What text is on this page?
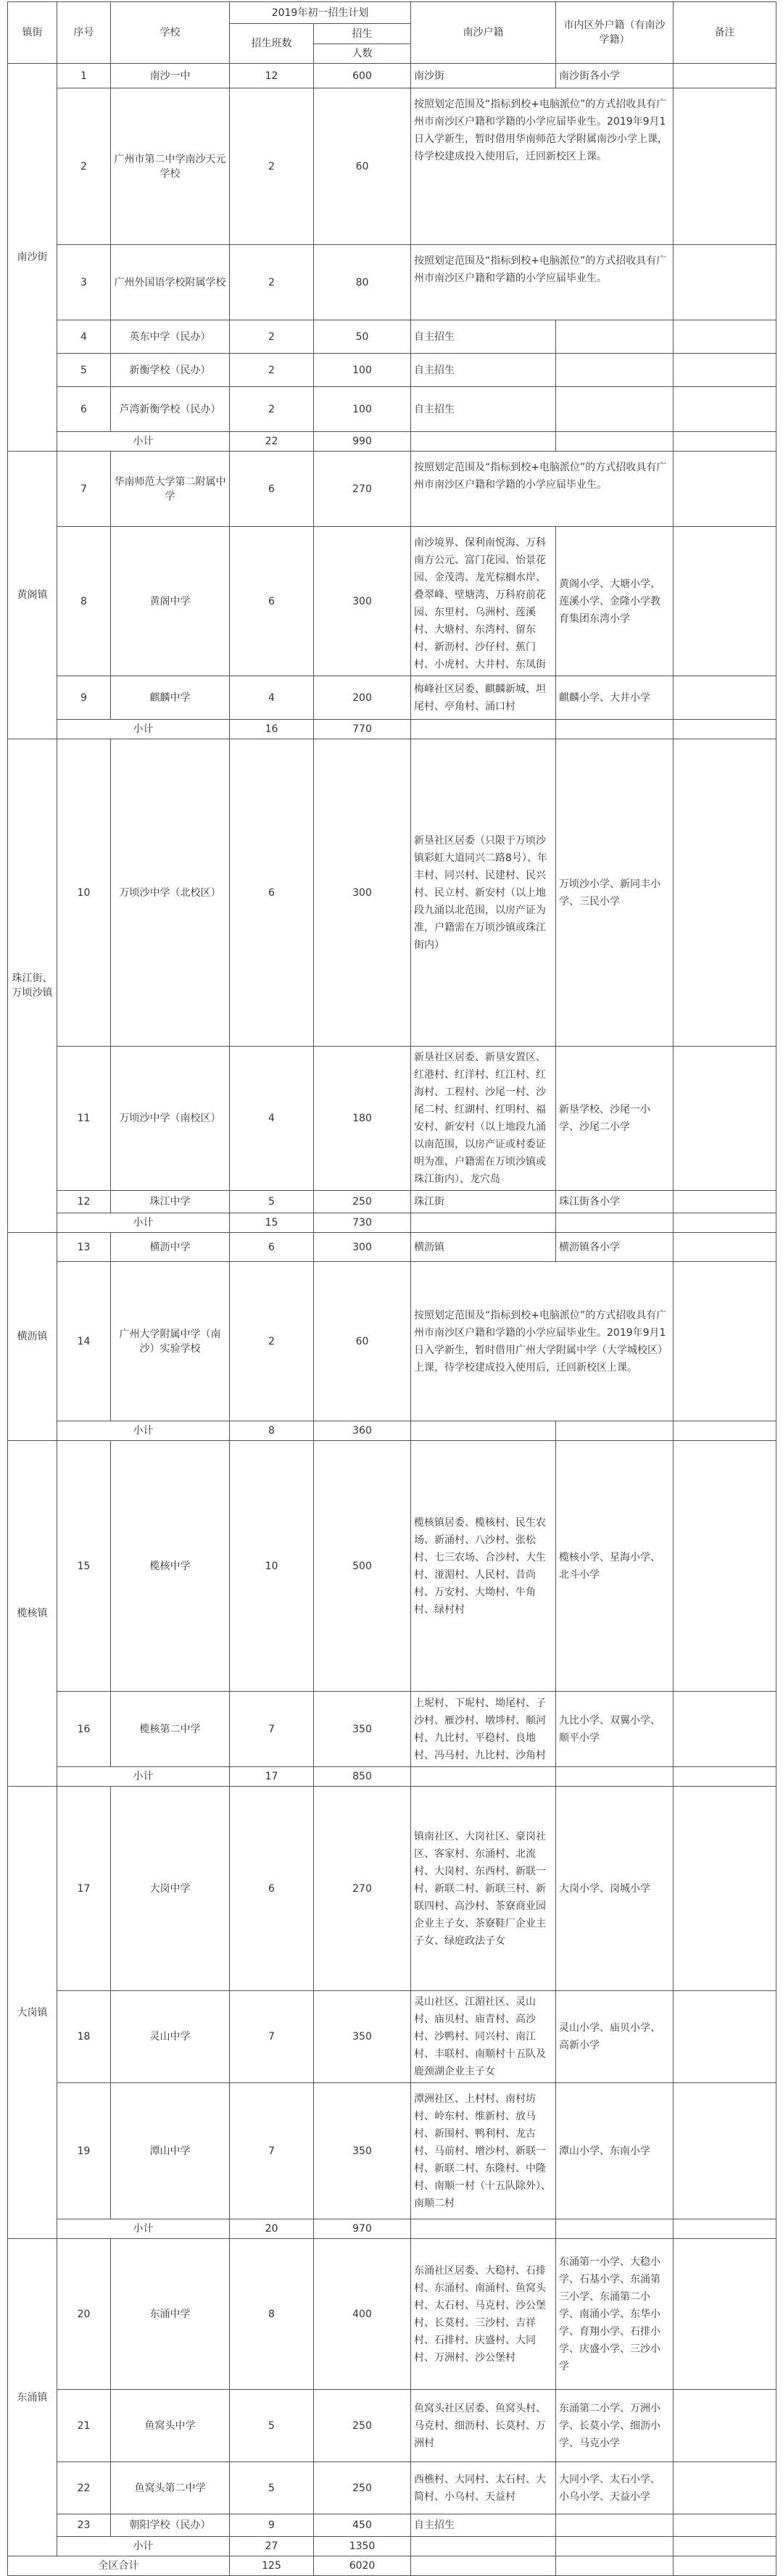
镇街	序号	学校	2019年初一招生计划		南沙户籍	市内区外户籍（有南沙学籍）	备注
			招生班数	招生			
				人数			
南沙街	1	南沙一中	12	600	南沙街	南沙街各小学	
	2	广州市第二中学南沙天元学校	2	60	按照划定范围及“指标到校+电脑派位”的方式招收具有广州市南沙区户籍和学籍的小学应届毕业生。2019年9月1日入学新生，暂时借用华南师范大学附属南沙小学上课，待学校建成投入使用后，迁回新校区上课。		
	3	广州外国语学校附属学校	2	80	按照划定范围及“指标到校+电脑派位”的方式招收具有广州市南沙区户籍和学籍的小学应届毕业生。		
	4	英东中学（民办）	2	50	自主招生		
	5	新衡学校（民办）	2	100	自主招生		
	6	芦湾新衡学校（民办）	2	100	自主招生		
	小计		22	990			
黄阁镇	7	华南师范大学第二附属中学	6	270	按照划定范围及“指标到校+电脑派位”的方式招收具有广州市南沙区户籍和学籍的小学应届毕业生。		
	8	黄阁中学	6	300	南沙境界、保利南悦海、万科南方公元、富门花园、怡景花园、金茂湾、龙光棕榈水岸、叠翠峰、壁塘湾、万科府前花园、东里村、乌洲村、莲溪村、大塘村、东湾村、留东村、新沥村、沙仔村、蕉门村、小虎村、大井村、东凤街	黄阁小学、大塘小学、莲溪小学、金隆小学教育集团东湾小学	
	9	麒麟中学	4	200	梅峰社区居委、麒麟新城、坦尾村、亭角村、涌口村	麒麟小学、大井小学	
	小计		16	770			
珠江街、万顷沙镇	10	万顷沙中学（北校区）	6	300	新垦社区居委（只限于万顷沙镇彩虹大道同兴二路8号）、年丰村、同兴村、民建村、民兴村、民立村、新安村（以上地段九涌以北范围，以房产证为准，户籍需在万顷沙镇或珠江街内）	万顷沙小学、新同丰小学、三民小学	
	11	万顷沙中学（南校区）	4	180	新垦社区居委、新垦安置区、红港村、红洋村、红江村、红海村、工程村、沙尾一村、沙尾二村、红湖村、红明村、福安村、新安村（以上地段九涌以南范围，以房产证或村委证明为准，户籍需在万顷沙镇或珠江街内）、龙穴岛	新垦学校、沙尾一小学、沙尾二小学	
	12	珠江中学	5	250	珠江街	珠江街各小学	
	小计		15	730			
横沥镇	13	横沥中学	6	300	横沥镇	横沥镇各小学	
	14	广州大学附属中学（南沙）实验学校	2	60	按照划定范围及“指标到校+电脑派位”的方式招收具有广州市南沙区户籍和学籍的小学应届毕业生。2019年9月1日入学新生，暂时借用广州大学附属中学（大学城校区）上课，待学校建成投入使用后，迁回新校区上课。		
	小计		8	360			
榄核镇	15	榄核中学	10	500	榄核镇居委、榄核村、民生农场、新涌村、八沙村、张松村、七三农场、合沙村、大生村、湴湄村、人民村、昔尚村、万安村、大坳村、牛角村、绿村村	榄核小学、星海小学、北斗小学	
	16	榄核第二中学	7	350	上坭村、下坭村、坳尾村、子沙村、雁沙村、墩埗村、顺河村、九比村、平稳村、良地村、冯马村、九比村、沙角村	九比小学、双翼小学、顺平小学	
	小计		17	850			
大岗镇	17	大岗中学	6	270	镇南社区、大岗社区、豪岗社区、客家村、东涌村、北流村、大岗村、东西村、新联一村、新联二村、新联三村、新联四村、高沙村、茶寮商业园企业主子女、茶寮鞋厂企业主子女、绿庭政法子女	大岗小学、岗城小学	
	18	灵山中学	7	350	灵山社区、江湄社区、灵山村、庙贝村、庙青村、高沙村、沙鸭村、同兴村、南江村、丰联村、南顺村十五队及鹿颈湖企业主子女	灵山小学、庙贝小学、高新小学	
	19	潭山中学	7	350	潭洲社区、上村村、南村坊村、岭东村、维新村、放马村、新围村、鸭利村、龙古村、马前村、增沙村、新联一村、新联二村、东隆村、中隆村、南顺一村（十五队除外）、南顺二村	潭山小学、东南小学	
	小计		20	970			
东涌镇	20	东涌中学	8	400	东涌社区居委、大稳村、石排村、东涌村、南涌村、鱼窝头村、太石村、马克村、沙公堡村、长莫村、三沙村、吉祥村、石排村、庆盛村、大同村、万洲村、沙公堡村	东涌第一小学、大稳小学、石基小学、东涌第三小学、东涌第二小学、南涌小学、东华小学、育翔小学、石排小学、庆盛小学、三沙小学	
	21	鱼窝头中学	5	250	鱼窝头社区居委、鱼窝头村、马克村、细沥村、长莫村、万洲村	东涌第二小学、万洲小学、长莫小学、细沥小学、马克小学	
	22	鱼窝头第二中学	5	250	西樵村、大同村、太石村、大简村、小乌村、天益村	大同小学、太石小学、小乌小学、天益小学	
	23	朝阳学校（民办）	9	450	自主招生		
	小计		27	1350			
全区合计			125	6020			
